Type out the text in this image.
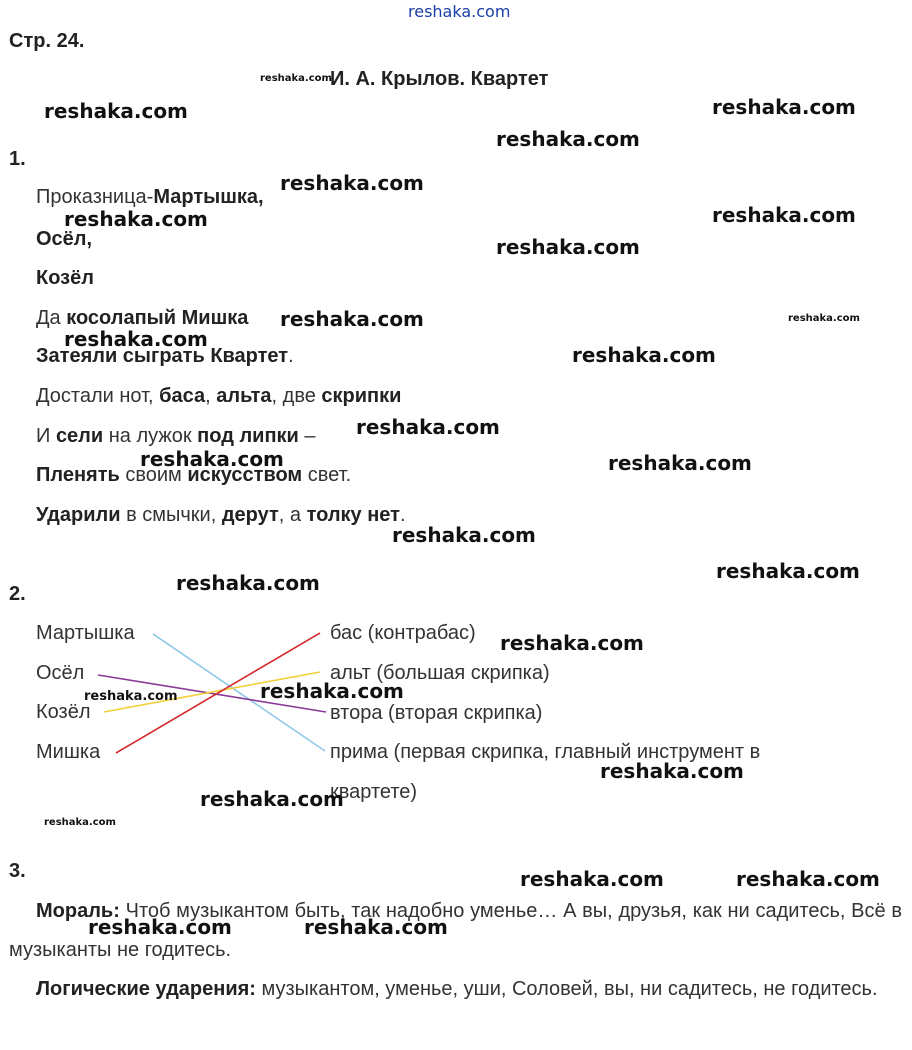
Стр. 24.
И. А. Крылов. Квартет
1.
Проказница-Мартышка,
Осёл,
Козёл
Да косолапый Мишка
Затеяли сыграть Квартет.
Достали нот, баса, альта, две скрипки
И сели на лужок под липки –
Пленять своим искусством свет.
Ударили в смычки, дерут, а толку нет.
2.
Мартышка
Осёл
Козёл
Мишка
бас (контрабас)
альт (большая скрипка)
втора (вторая скрипка)
прима (первая скрипка, главный инструмент в
квартете)
3.
Мораль: Чтоб музыкантом быть, так надобно уменье… А вы, друзья, как ни садитесь, Всё в музыканты не годитесь.
Логические ударения: музыкантом, уменье, уши, Соловей, вы, ни садитесь, не годитесь.
reshaka.com
reshaka.com
reshaka.com	reshaka.com
reshaka.com
reshaka.com
reshaka.com	reshaka.com
reshaka.com
reshaka.com	reshaka.com
reshaka.com
reshaka.com
reshaka.com
reshaka.com	reshaka.com
reshaka.com
reshaka.com	reshaka.com
reshaka.com
reshaka.com
reshaka.com
reshaka.com
reshaka.com
reshaka.com
reshaka.com	reshaka.com
reshaka.com	reshaka.com
